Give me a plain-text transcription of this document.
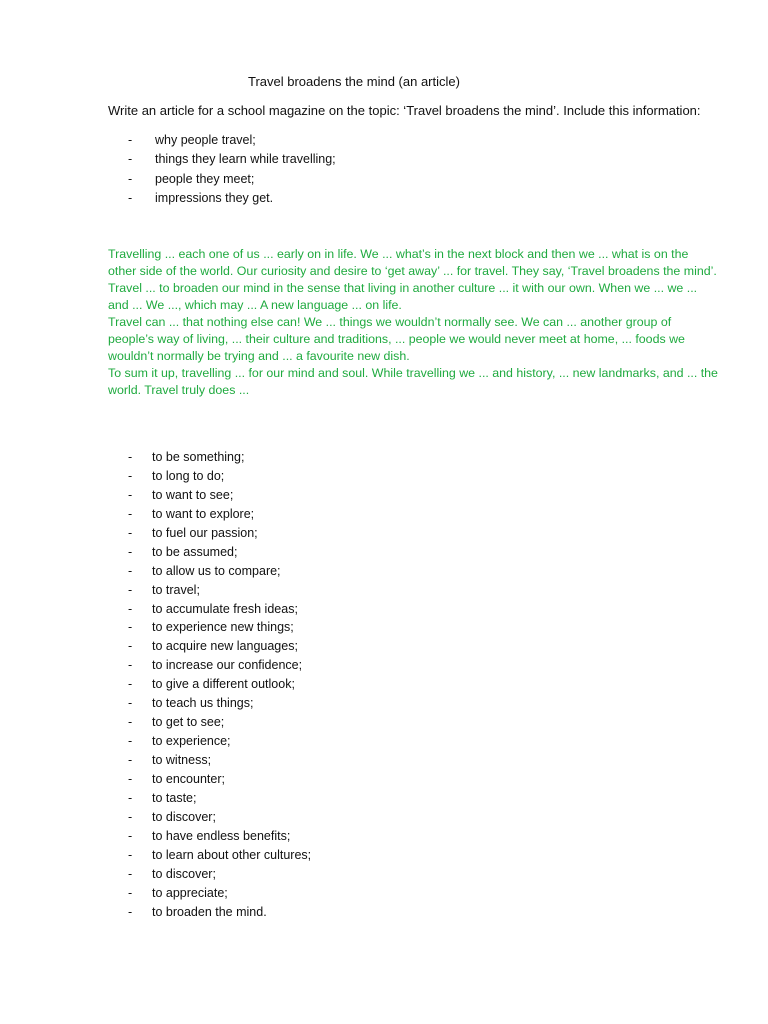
Travel broadens the mind (an article)
Write an article for a school magazine on the topic: ‘Travel broadens the mind’. Include this information:
- why people travel;
- things they learn while travelling;
- people they meet;
- impressions they get.

Travelling ... each one of us ... early on in life. We ... what’s in the next block and then we ... what is on the other side of the world. Our curiosity and desire to ‘get away’ ... for travel. They say, ‘Travel broadens the mind’.

Travel ... to broaden our mind in the sense that living in another culture ... it with our own. When we ... we ... and ... We ..., which may ... A new language ... on life.

Travel can ... that nothing else can! We ... things we wouldn’t normally see. We can ... another group of people’s way of living, ... their culture and traditions, ... people we would never meet at home, ... foods we wouldn’t normally be trying and ... a favourite new dish.

To sum it up, travelling ... for our mind and soul. While travelling we ... and history, ... new landmarks, and ... the world. Travel truly does ...

- to be something;
- to long to do;
- to want to see;
- to want to explore;
- to fuel our passion;
- to be assumed;
- to allow us to compare;
- to travel;
- to accumulate fresh ideas;
- to experience new things;
- to acquire new languages;
- to increase our confidence;
- to give a different outlook;
- to teach us things;
- to get to see;
- to experience;
- to witness;
- to encounter;
- to taste;
- to discover;
- to have endless benefits;
- to learn about other cultures;
- to discover;
- to appreciate;
- to broaden the mind.
